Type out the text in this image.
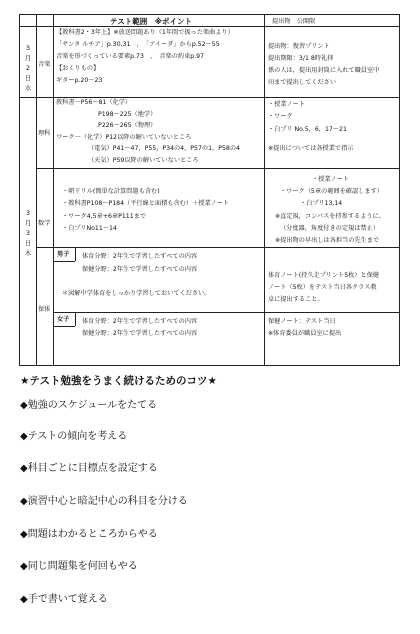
テスト範囲　※ポイント	提出物　公開限
3
月
2
日
水
3
月
3
日
木
音楽
理科
数学
保体
【教科書2・3年上】※放送問題あり（1年間で扱った楽曲より）
「サンタ ルチア」p.30,31　，　「アイーダ」からp.52〜55
音楽を形づくっている要素p.73　，　音楽の約束p.97
【おくりもの】
ギターp.20〜23
提出物：復習プリント
提出期限：3/1 8時礼拝
係の人は，提出用封筒に入れて職員室中
田まで提出してください
教科書一P56〜81（化学）
P198〜225（地学）
P226〜265（物理）
ワーク一（化学）P12以降の解いていないところ
（電気）P41〜47，P55，P34の4，P57の1，P58の4
（天気）P59以降の解いていないところ
・授業ノート
・ワーク
・白プリ No.5，6，17〜21
※提出については各授業で指示
・朝ドリル(簡単な計算問題も含む)
・教科書P108〜P184（平行線と面積も含む）＋授業ノート
・ワーク4,5章+6章P111まで
・白プリNo11〜14
・授業ノート
・ワーク（5章の範囲を確認します）
・白プリ13,14
※直定規，コンパスを持参するように。
（分度器，角度付きの定規は禁止）
※提出物の早出しは各担当の先生まで
男子 体育分野：2年生で学習したすべての内容
保健分野：2年生で学習したすべての内容
＊図解中学体育をしっかり学習しておいてください。
体育ノート(持久走プリント5枚）と保健
ノート（5枚）をテスト当日各クラス教
卓に提出すること。
女子 体育分野：2年生で学習したすべての内容
保健分野：2年生で学習したすべての内容
保健ノート：テスト当日
※体育委員が職員室に提出
★テスト勉強をうまく続けるためのコツ★
◆勉強のスケジュールをたてる
◆テストの傾向を考える
◆科目ごとに目標点を設定する
◆演習中心と暗記中心の科目を分ける
◆問題はわかるところからやる
◆同じ問題集を何回もやる
◆手で書いて覚える
